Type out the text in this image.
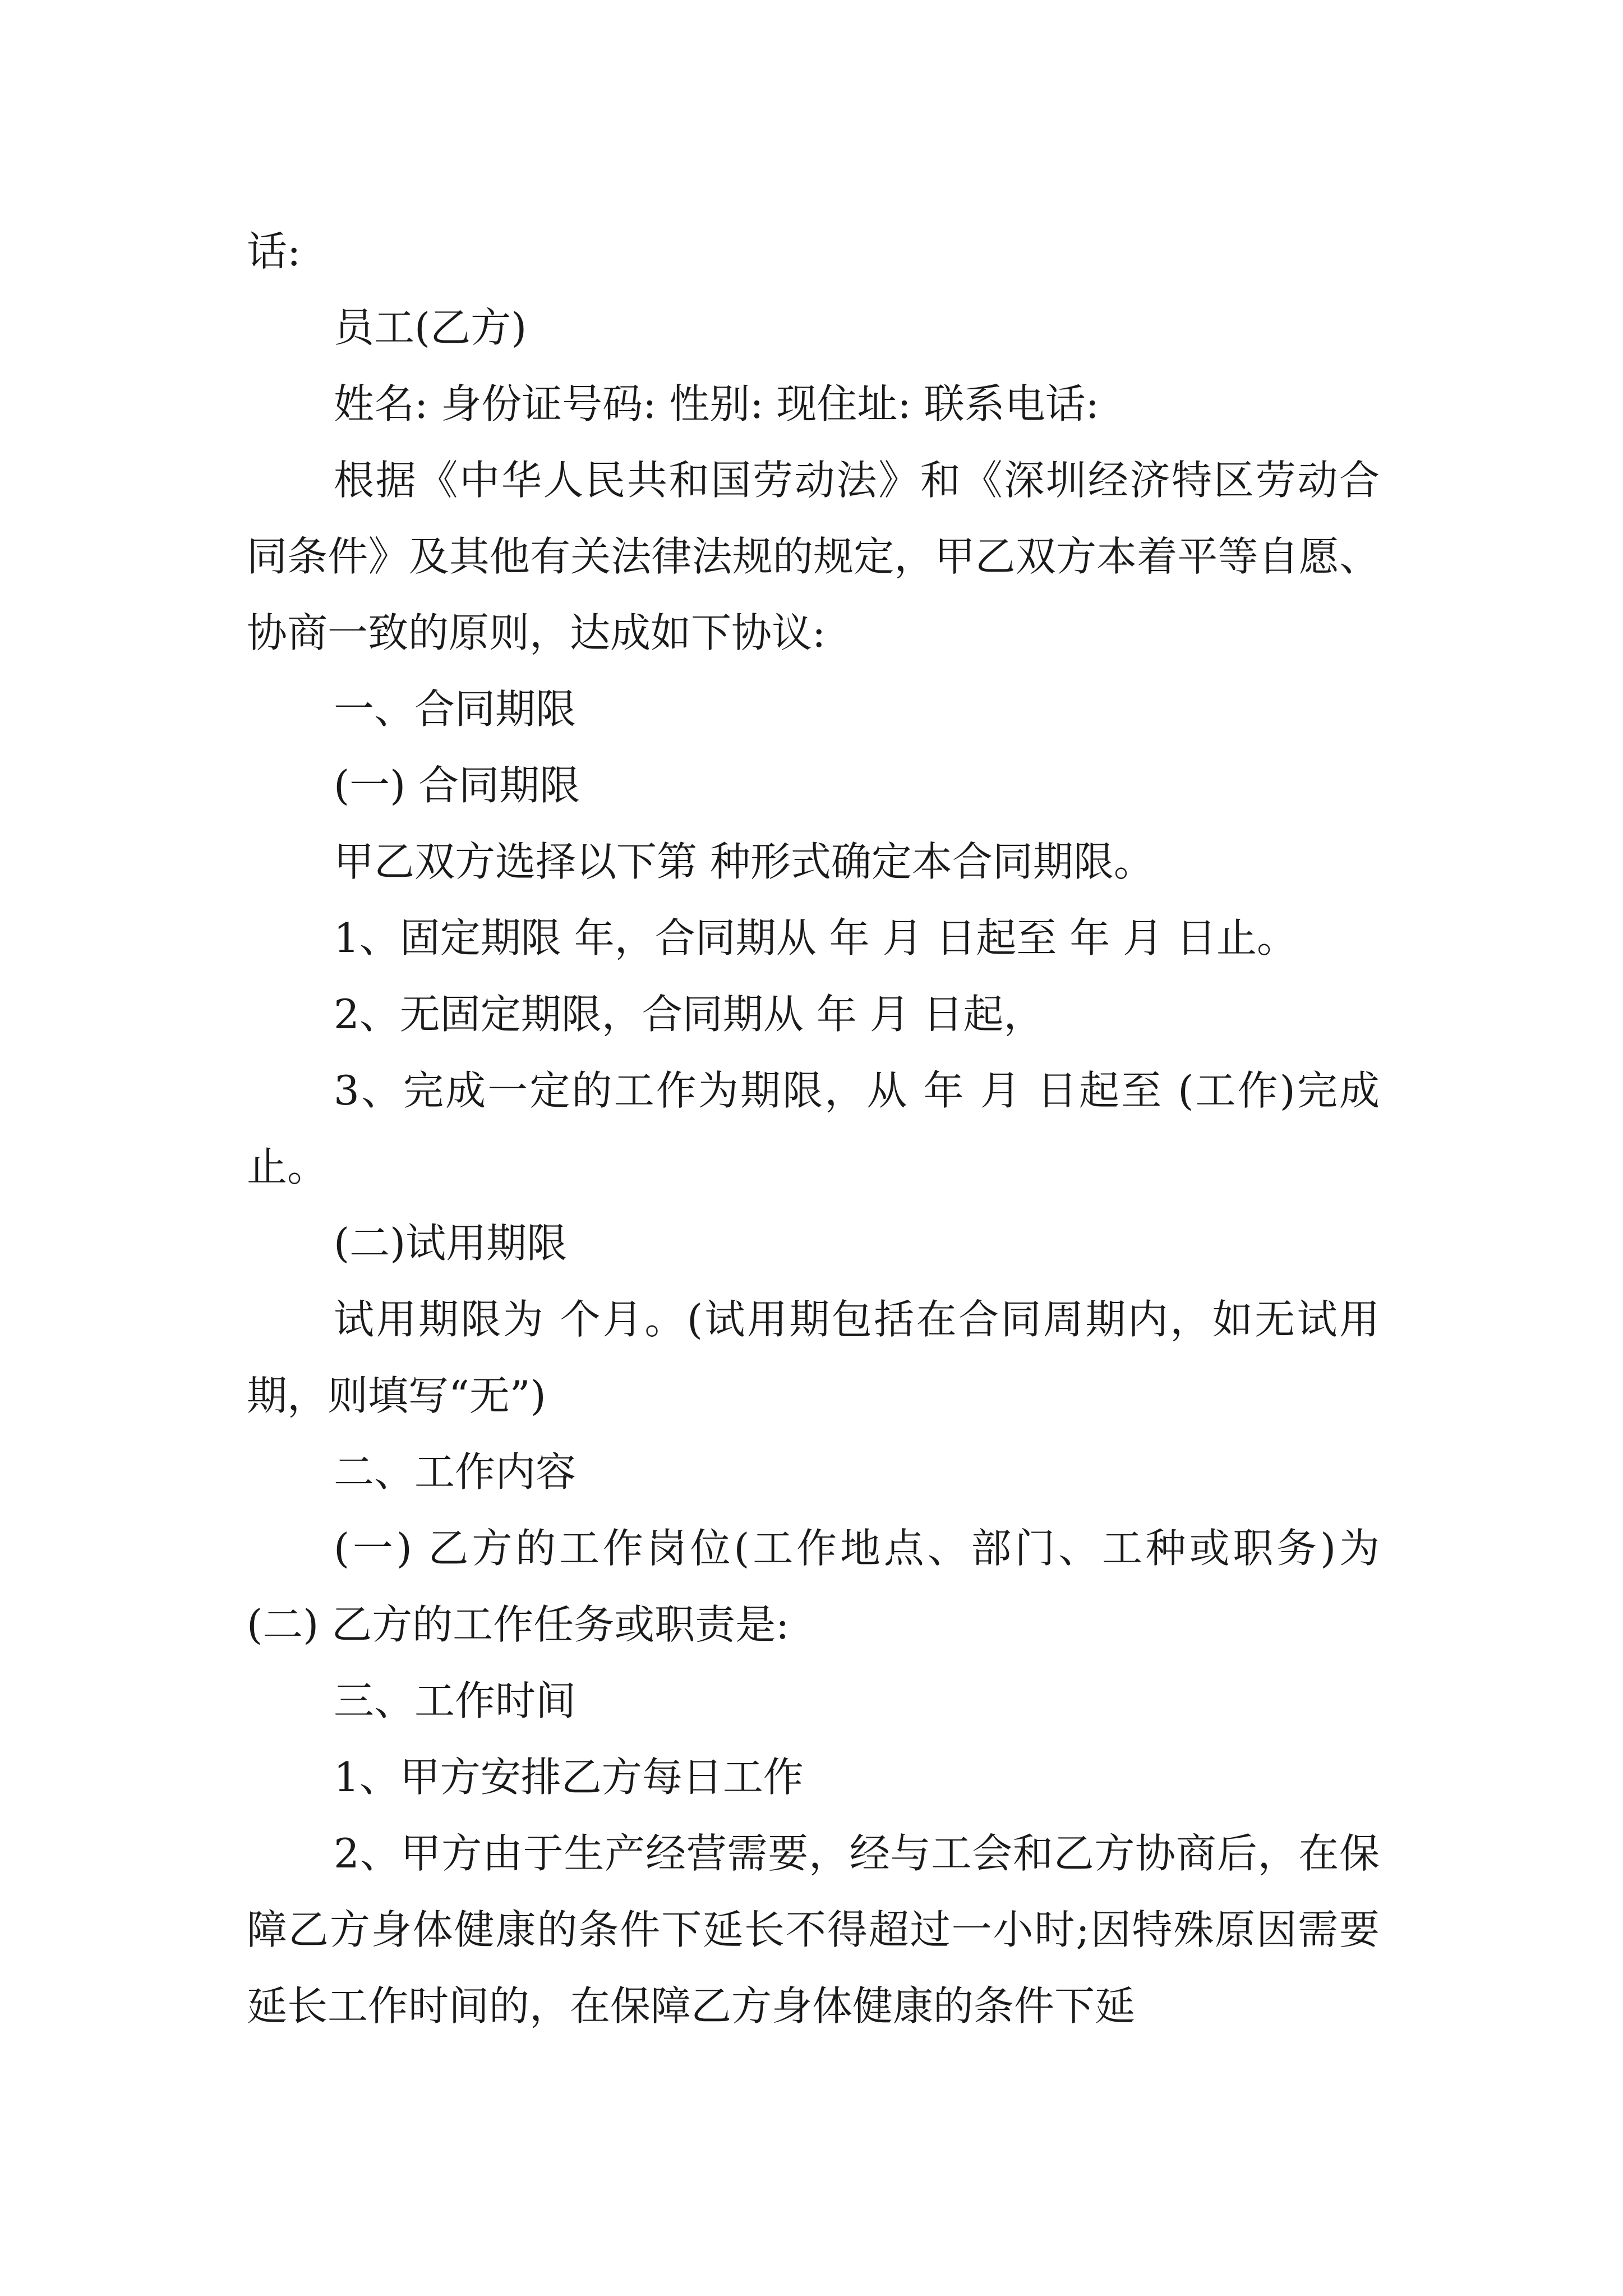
话:

员工(乙方)

姓名: 身份证号码: 性别: 现住址: 联系电话:

根据《中华人民共和国劳动法》和《深圳经济特区劳动合同条件》及其他有关法律法规的规定，甲乙双方本着平等自愿、协商一致的原则，达成如下协议:

一、合同期限

(一) 合同期限

甲乙双方选择以下第 种形式确定本合同期限。

1、固定期限 年，合同期从 年 月 日起至 年 月 日止。

2、无固定期限，合同期从 年 月 日起，

3、完成一定的工作为期限，从 年 月 日起至 (工作)完成止。

(二)试用期限

试用期限为 个月。(试用期包括在合同周期内，如无试用期，则填写“无”)

二、工作内容

(一) 乙方的工作岗位(工作地点、部门、工种或职务)为 (二) 乙方的工作任务或职责是:

三、工作时间

1、甲方安排乙方每日工作

2、甲方由于生产经营需要，经与工会和乙方协商后，在保障乙方身体健康的条件下延长不得超过一小时;因特殊原因需要延长工作时间的，在保障乙方身体健康的条件下延
